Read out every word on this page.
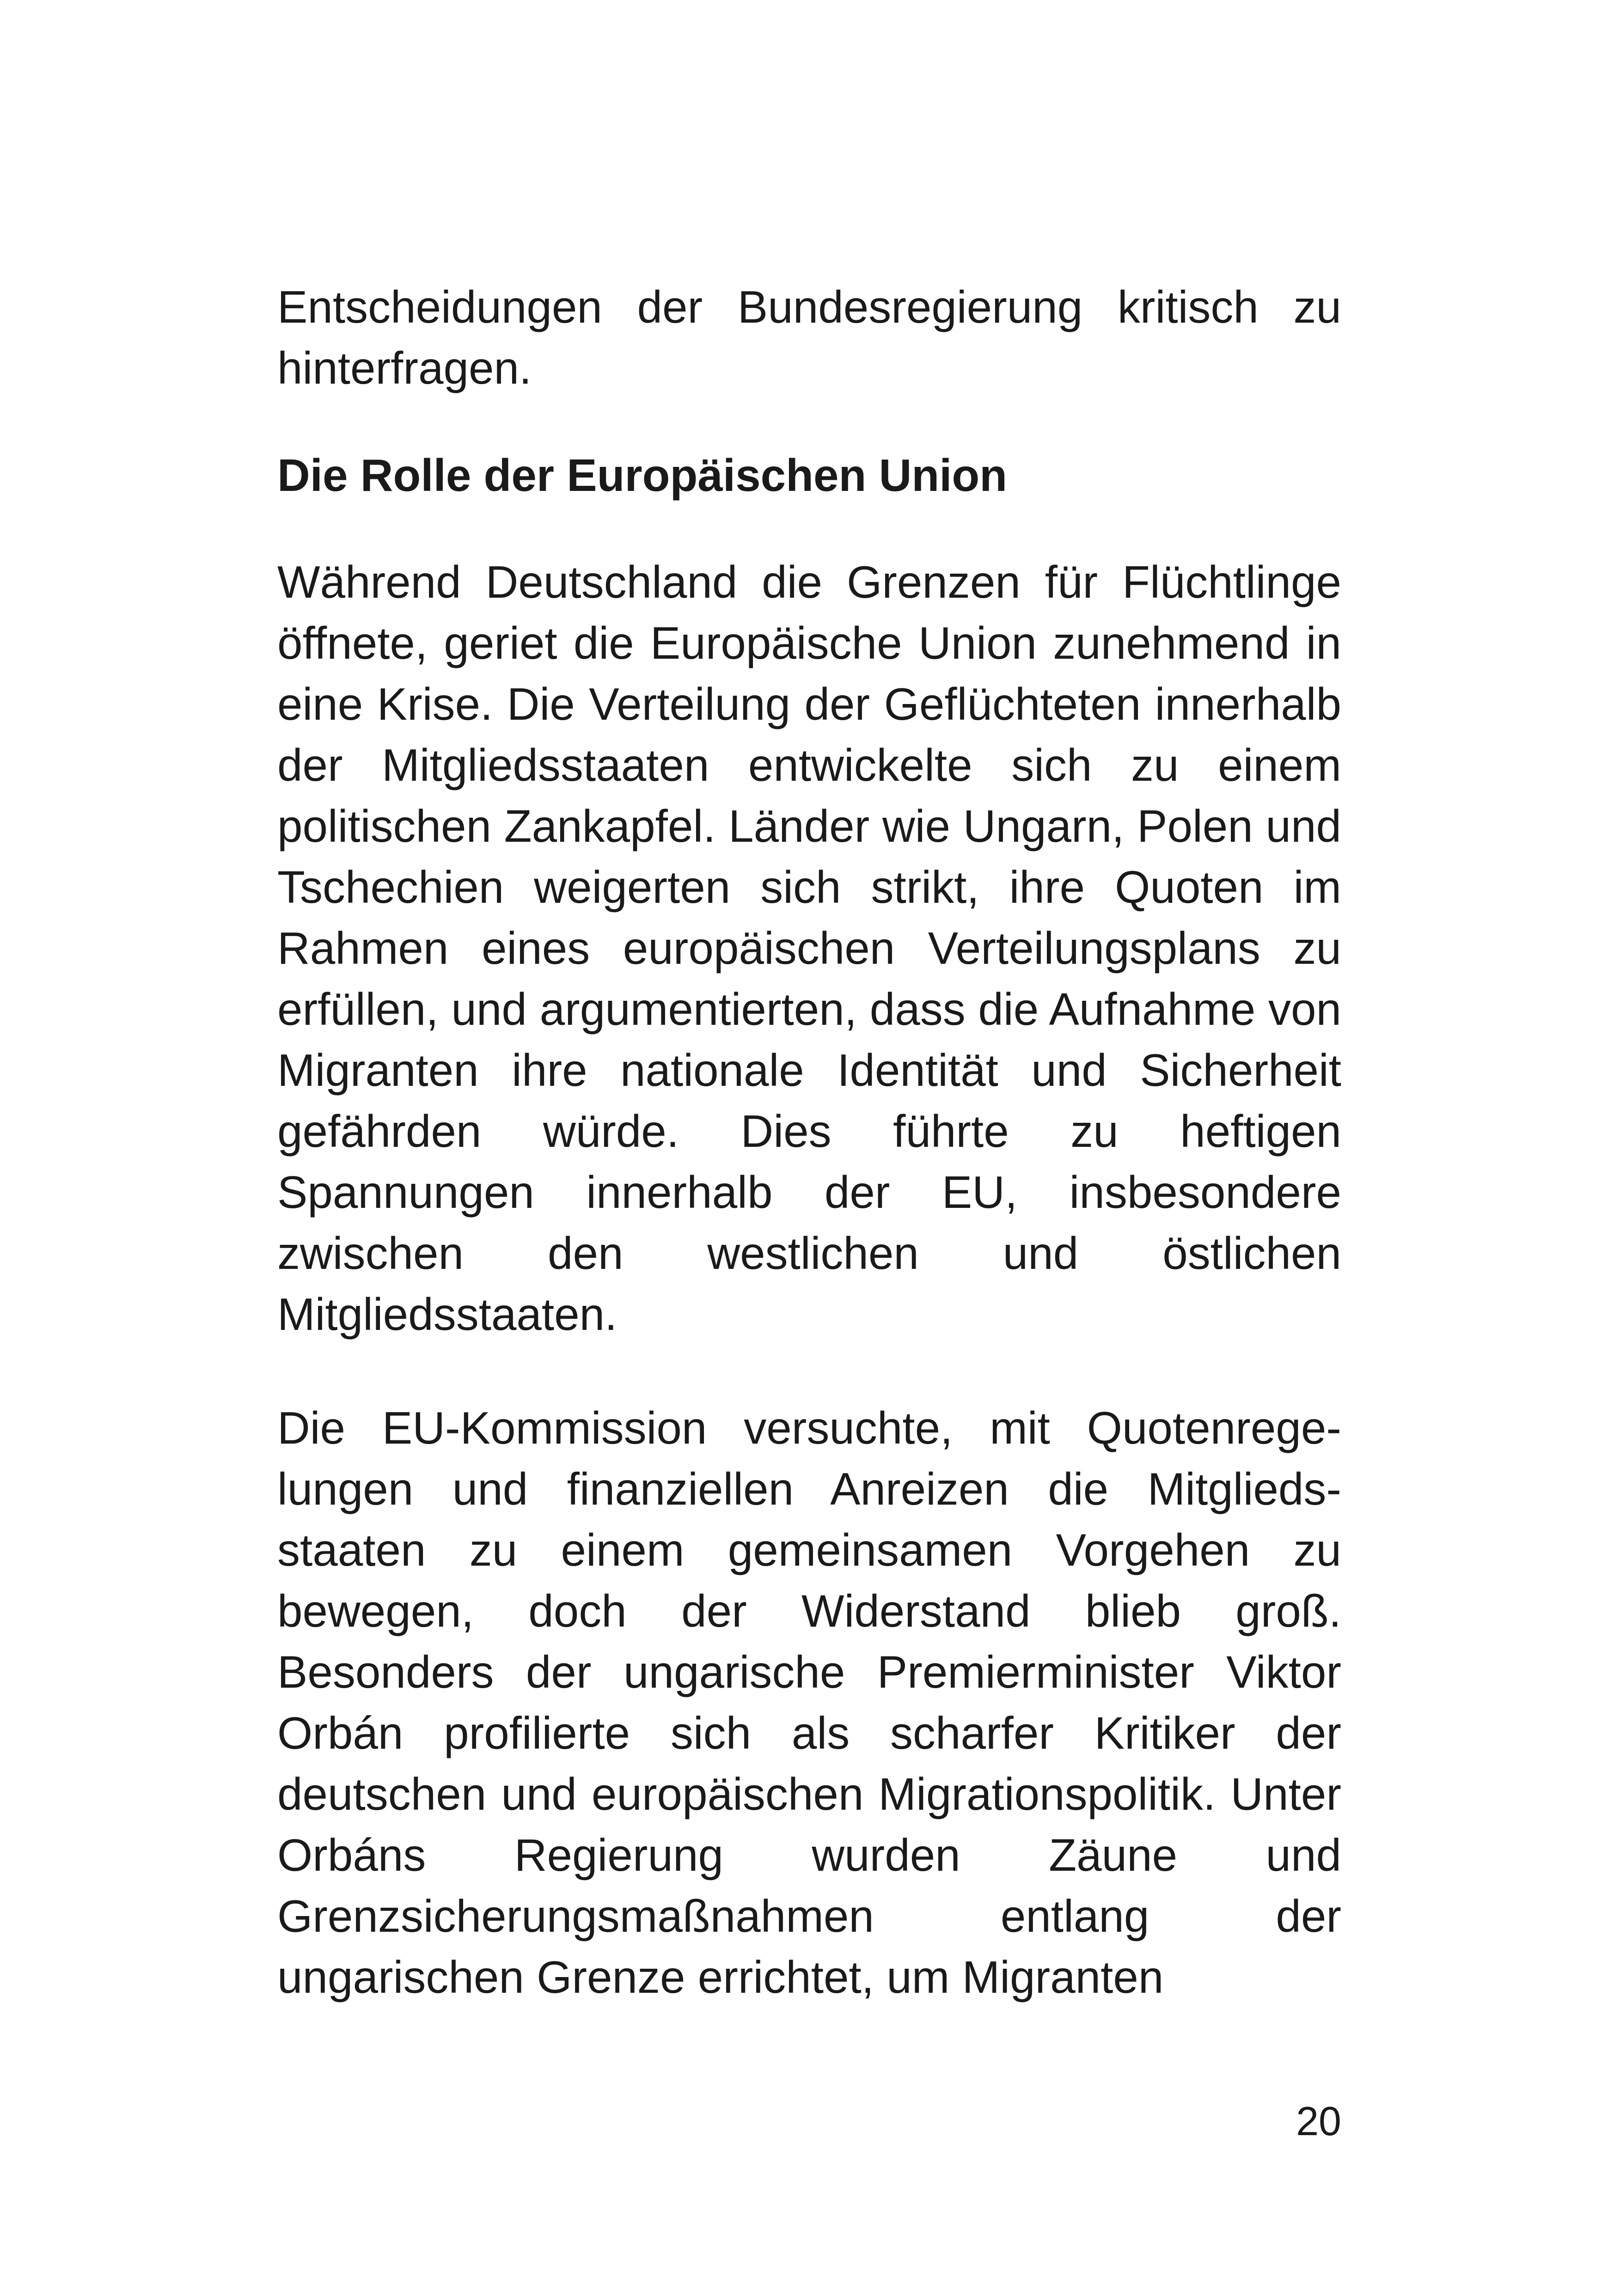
Entscheidungen der Bundesregierung kritisch zu hinterfragen.

Die Rolle der Europäischen Union

Während Deutschland die Grenzen für Flüchtlinge öffnete, geriet die Europäische Union zunehmend in eine Krise. Die Verteilung der Geflüchteten innerhalb der Mitgliedsstaaten entwickelte sich zu einem politischen Zankapfel. Länder wie Ungarn, Polen und Tschechien weigerten sich strikt, ihre Quoten im Rahmen eines europäischen Verteilungsplans zu erfüllen, und argumentierten, dass die Aufnahme von Migranten ihre nationale Identität und Sicherheit gefährden würde. Dies führte zu heftigen Spannungen innerhalb der EU, insbesondere zwischen den westlichen und östlichen Mitgliedsstaaten.

Die EU-Kommission versuchte, mit Quotenregelungen und finanziellen Anreizen die Mitgliedsstaaten zu einem gemeinsamen Vorgehen zu bewegen, doch der Widerstand blieb groß. Besonders der ungarische Premierminister Viktor Orbán profilierte sich als scharfer Kritiker der deutschen und europäischen Migrationspolitik. Unter Orbáns Regierung wurden Zäune und Grenzsicherungsmaßnahmen entlang der ungarischen Grenze errichtet, um Migranten

20
